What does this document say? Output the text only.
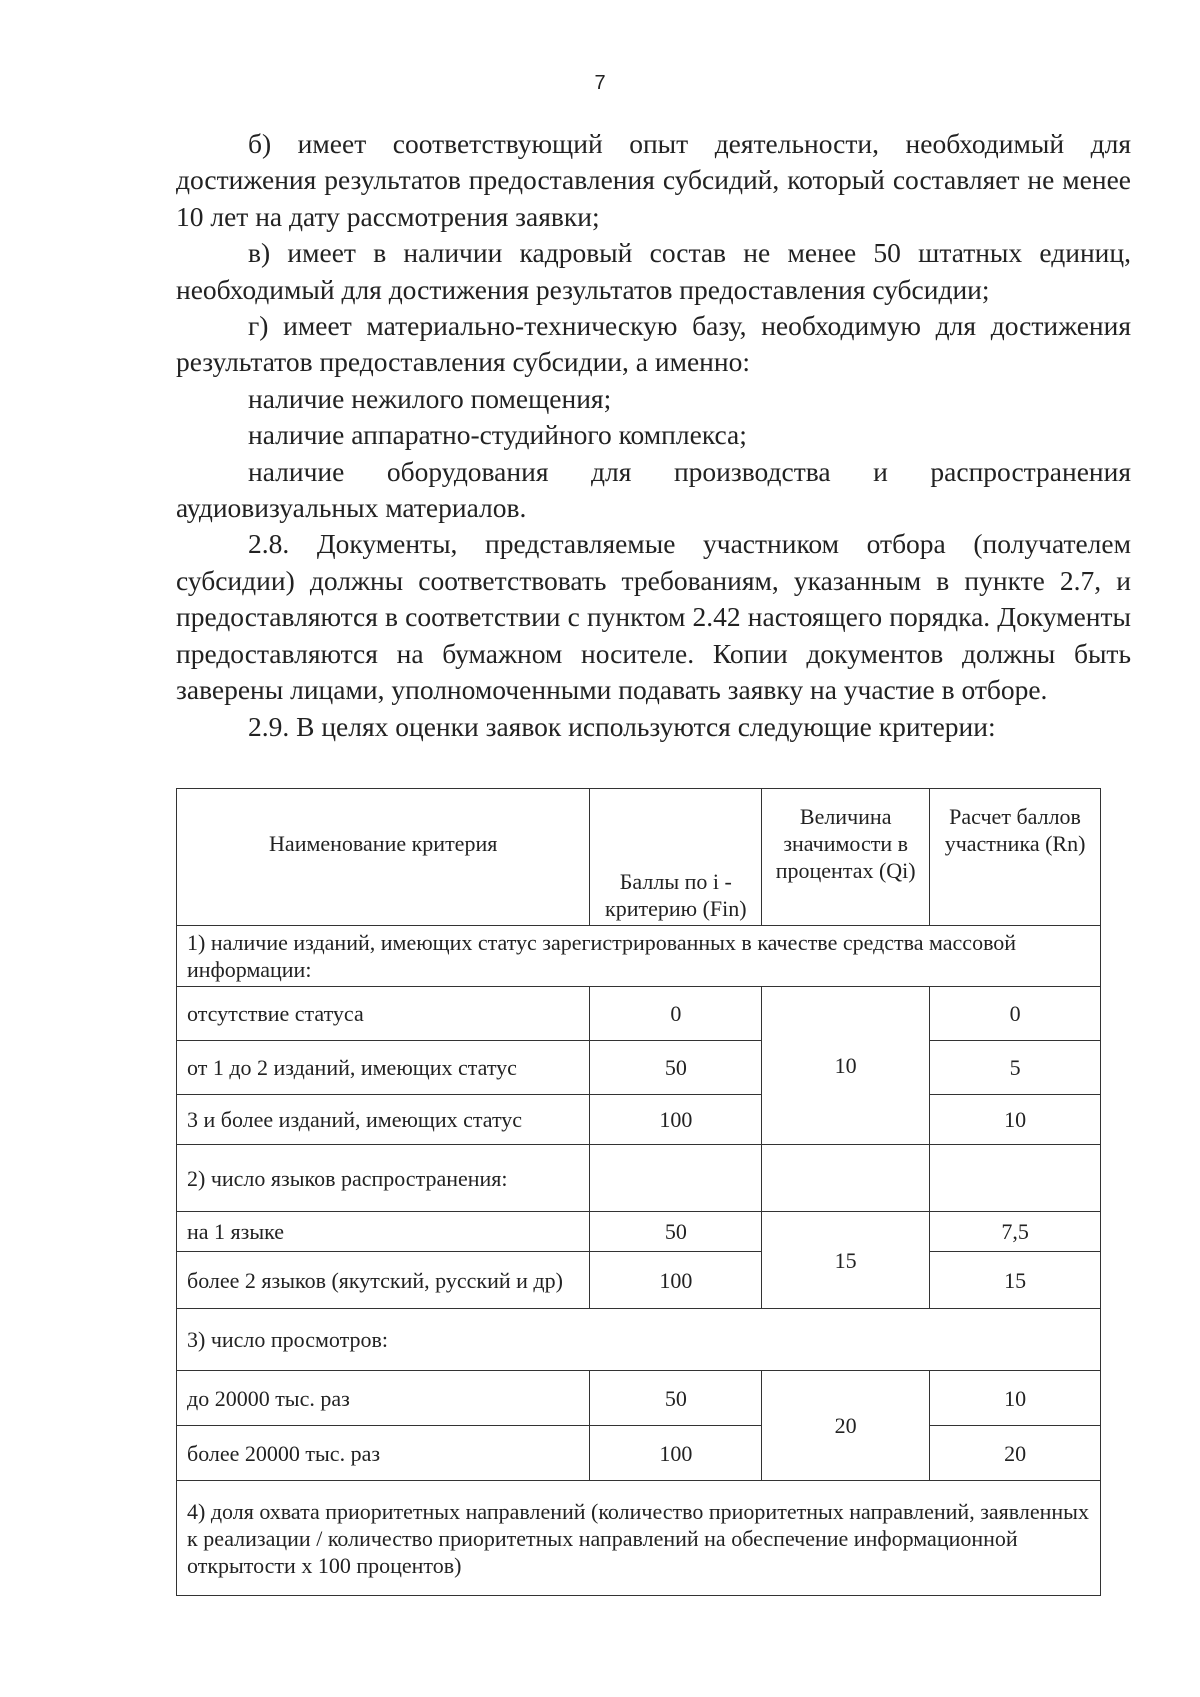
7

б) имеет соответствующий опыт деятельности, необходимый для достижения результатов предоставления субсидий, который составляет не менее 10 лет на дату рассмотрения заявки;

в) имеет в наличии кадровый состав не менее 50 штатных единиц, необходимый для достижения результатов предоставления субсидии;

г) имеет материально-техническую базу, необходимую для достижения результатов предоставления субсидии, а именно:

наличие нежилого помещения;

наличие аппаратно-студийного комплекса;

наличие оборудования для производства и распространения аудиовизуальных материалов.

2.8. Документы, представляемые участником отбора (получателем субсидии) должны соответствовать требованиям, указанным в пункте 2.7, и предоставляются в соответствии с пунктом 2.42 настоящего порядка. Документы предоставляются на бумажном носителе. Копии документов должны быть заверены лицами, уполномоченными подавать заявку на участие в отборе.

2.9. В целях оценки заявок используются следующие критерии:

Наименование критерия	Баллы по i - критерию (Fin)	Величина значимости в процентах (Qi)	Расчет баллов участника (Rn)
1) наличие изданий, имеющих статус зарегистрированных в качестве средства массовой информации:			
отсутствие статуса	0	10	0
от 1 до 2 изданий, имеющих статус	50		5
3 и более изданий, имеющих статус	100		10
2) число языков распространения:			
на 1 языке	50	15	7,5
более 2 языков (якутский, русский и др)	100		15
3) число просмотров:			
до 20000 тыс. раз	50	20	10
более 20000 тыс. раз	100		20
4) доля охвата приоритетных направлений (количество приоритетных направлений, заявленных к реализации / количество приоритетных направлений на обеспечение информационной открытости х 100 процентов)			
